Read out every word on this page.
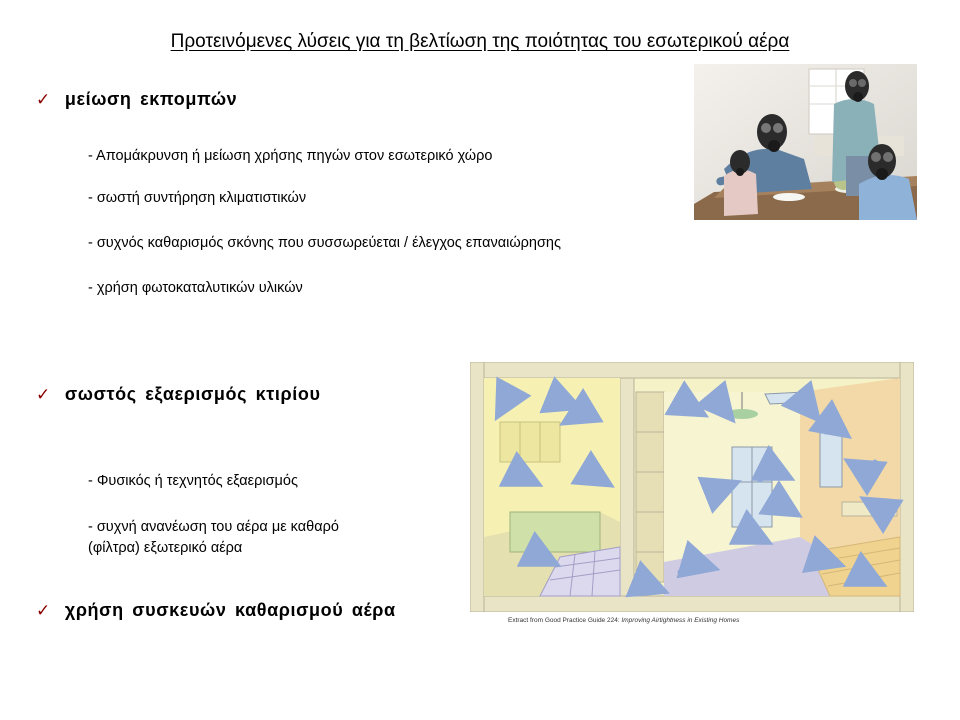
Προτεινόμενες λύσεις για τη βελτίωση της ποιότητας του εσωτερικού αέρα
✓ μείωση εκπομπών
- Απομάκρυνση ή μείωση χρήσης πηγών στον εσωτερικό χώρο
- σωστή συντήρηση κλιματιστικών
- συχνός καθαρισμός σκόνης που συσσωρεύεται / έλεγχος επαναιώρησης
- χρήση φωτοκαταλυτικών υλικών
✓ σωστός εξαερισμός κτιρίου
- Φυσικός ή τεχνητός εξαερισμός
- συχνή ανανέωση του αέρα με καθαρό
(φίλτρα) εξωτερικό αέρα
✓ χρήση συσκευών καθαρισμού αέρα
Extract from Good Practice Guide 224: Improving Airtightness in Existing Homes
